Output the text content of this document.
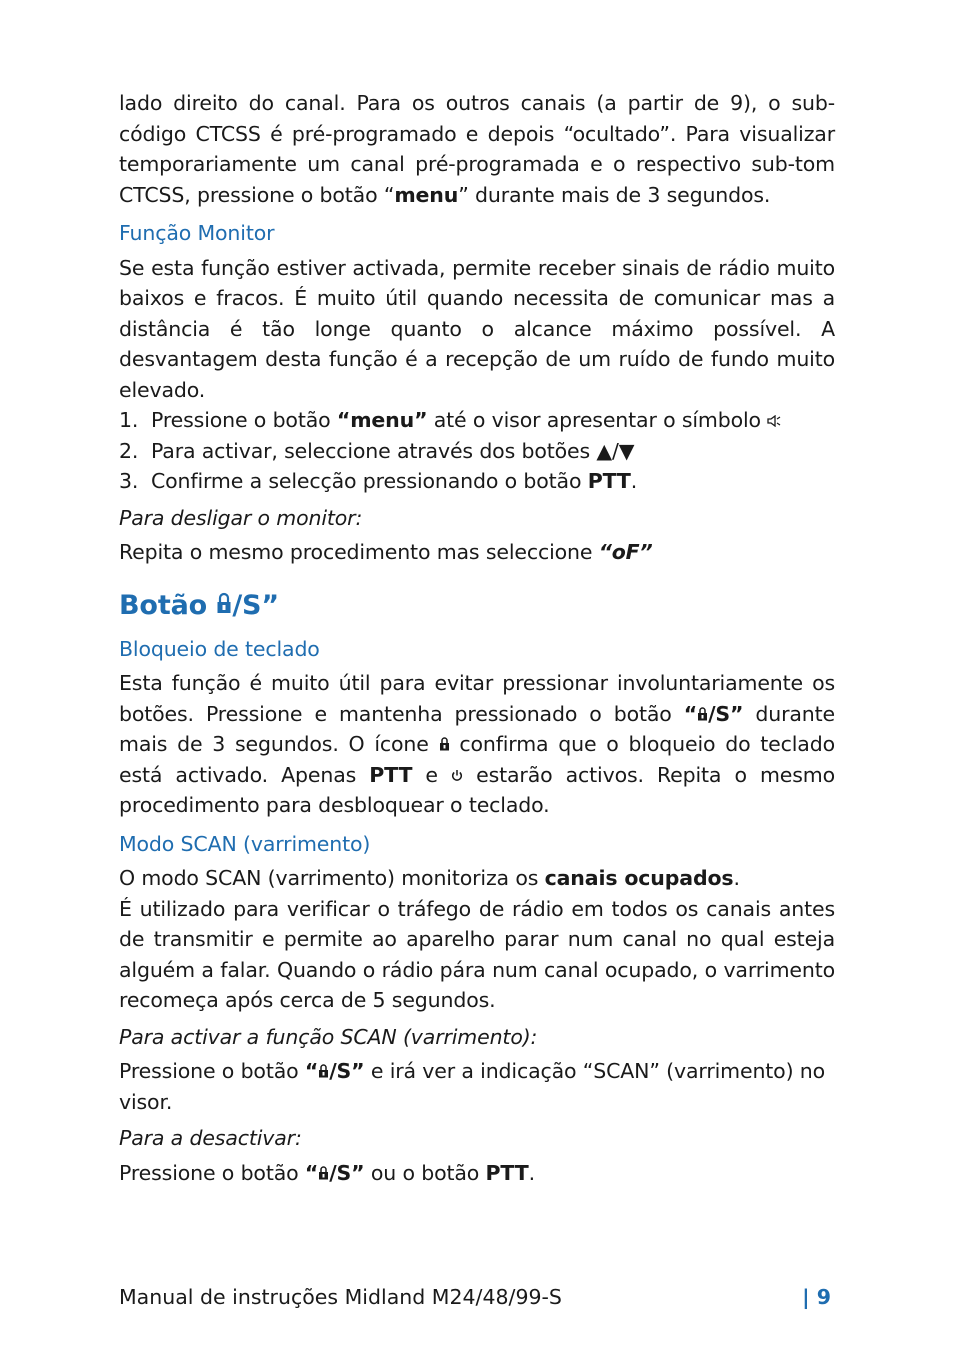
lado direito do canal. Para os outros canais (a partir de 9), o sub-código CTCSS é pré-programado e depois “ocultado”. Para visualizar temporariamente um canal pré-programada e o respectivo sub-tom CTCSS, pressione o botão “menu” durante mais de 3 segundos.

Função Monitor

Se esta função estiver activada, permite receber sinais de rádio muito baixos e fracos. É muito útil quando necessita de comunicar mas a distância é tão longe quanto o alcance máximo possível. A desvantagem desta função é a recepção de um ruído de fundo muito elevado.

1. Pressione o botão “menu” até o visor apresentar o símbolo
2. Para activar, seleccione através dos botões ▲/▼
3. Confirme a selecção pressionando o botão PTT.

Para desligar o monitor:

Repita o mesmo procedimento mas seleccione “oF”

Botão /S”

Bloqueio de teclado

Esta função é muito útil para evitar pressionar involuntariamente os botões. Pressione e mantenha pressionado o botão “ /S” durante mais de 3 segundos. O ícone  confirma que o bloqueio do teclado está activado. Apenas PTT e  estarão activos. Repita o mesmo procedimento para desbloquear o teclado.

Modo SCAN (varrimento)

O modo SCAN (varrimento) monitoriza os canais ocupados.

É utilizado para verificar o tráfego de rádio em todos os canais antes de transmitir e permite ao aparelho parar num canal no qual esteja alguém a falar. Quando o rádio pára num canal ocupado, o varrimento recomeça após cerca de 5 segundos.

Para activar a função SCAN (varrimento):

Pressione o botão “ /S” e irá ver a indicação “SCAN” (varrimento) no visor.

Para a desactivar:

Pressione o botão “ /S” ou o botão PTT.

Manual de instruções Midland M24/48/99-S	| 9
